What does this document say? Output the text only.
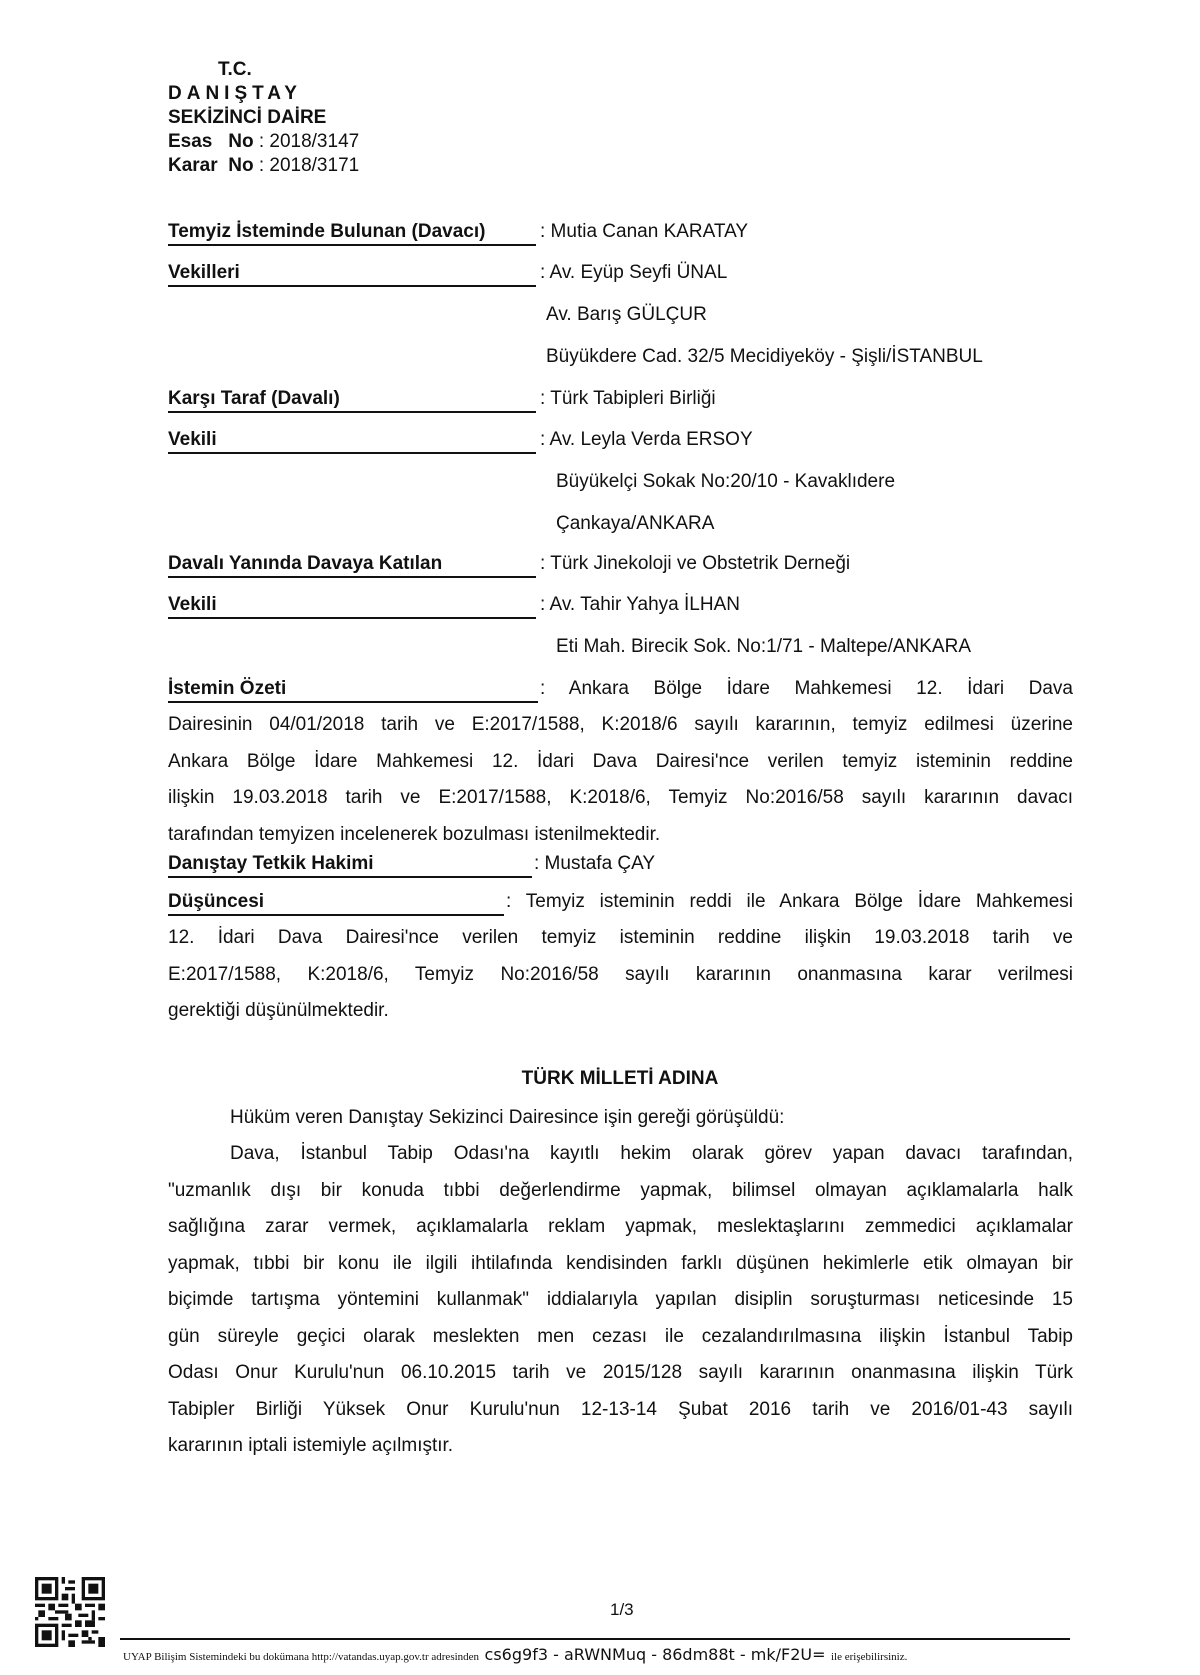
T.C.
DANIŞTAY
SEKİZİNCİ DAİRE
Esas No : 2018/3147
Karar No : 2018/3171
Temyiz İsteminde Bulunan (Davacı)	: Mutia Canan KARATAY
Vekilleri	: Av. Eyüp Seyfi ÜNAL
Av. Barış GÜLÇUR
Büyükdere Cad. 32/5 Mecidiyeköy - Şişli/İSTANBUL
Karşı Taraf (Davalı)	: Türk Tabipleri Birliği
Vekili	: Av. Leyla Verda ERSOY
Büyükelçi Sokak No:20/10 - Kavaklıdere
Çankaya/ANKARA
Davalı Yanında Davaya Katılan	: Türk Jinekoloji ve Obstetrik Derneği
Vekili	: Av. Tahir Yahya İLHAN
Eti Mah. Birecik Sok. No:1/71 - Maltepe/ANKARA
İstemin Özeti	: Ankara Bölge İdare Mahkemesi 12. İdari Dava
Dairesinin 04/01/2018 tarih ve E:2017/1588, K:2018/6 sayılı kararının, temyiz edilmesi üzerine
Ankara Bölge İdare Mahkemesi 12. İdari Dava Dairesi'nce verilen temyiz isteminin reddine
ilişkin 19.03.2018 tarih ve E:2017/1588, K:2018/6, Temyiz No:2016/58 sayılı kararının davacı
tarafından temyizen incelenerek bozulması istenilmektedir.
Danıştay Tetkik Hakimi	: Mustafa ÇAY
Düşüncesi	: Temyiz isteminin reddi ile Ankara Bölge İdare Mahkemesi
12. İdari Dava Dairesi'nce verilen temyiz isteminin reddine ilişkin 19.03.2018 tarih ve
E:2017/1588, K:2018/6, Temyiz No:2016/58 sayılı kararının onanmasına karar verilmesi
gerektiği düşünülmektedir.
TÜRK MİLLETİ ADINA
Hüküm veren Danıştay Sekizinci Dairesince işin gereği görüşüldü:
Dava, İstanbul Tabip Odası'na kayıtlı hekim olarak görev yapan davacı tarafından,
"uzmanlık dışı bir konuda tıbbi değerlendirme yapmak, bilimsel olmayan açıklamalarla halk
sağlığına zarar vermek, açıklamalarla reklam yapmak, meslektaşlarını zemmedici açıklamalar
yapmak, tıbbi bir konu ile ilgili ihtilafında kendisinden farklı düşünen hekimlerle etik olmayan bir
biçimde tartışma yöntemini kullanmak" iddialarıyla yapılan disiplin soruşturması neticesinde 15
gün süreyle geçici olarak meslekten men cezası ile cezalandırılmasına ilişkin İstanbul Tabip
Odası Onur Kurulu'nun 06.10.2015 tarih ve 2015/128 sayılı kararının onanmasına ilişkin Türk
Tabipler Birliği Yüksek Onur Kurulu'nun 12-13-14 Şubat 2016 tarih ve 2016/01-43 sayılı
kararının iptali istemiyle açılmıştır.
1/3
UYAP Bilişim Sistemindeki bu dokümana http://vatandas.uyap.gov.tr adresinden cs6g9f3 - aRWNMuq - 86dm88t - mk/F2U= ile erişebilirsiniz.
